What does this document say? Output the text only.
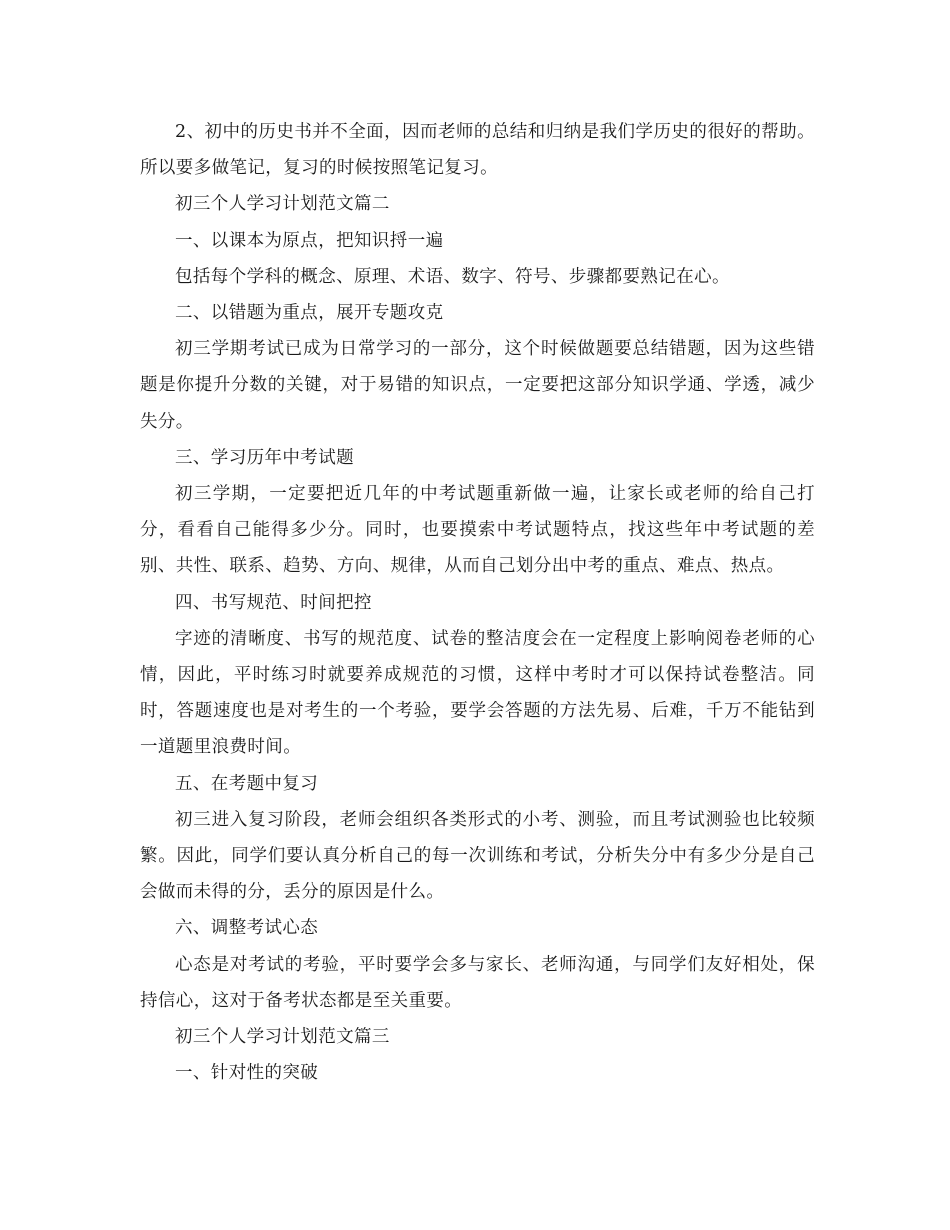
2、初中的历史书并不全面，因而老师的总结和归纳是我们学历史的很好的帮助。所以要多做笔记，复习的时候按照笔记复习。

初三个人学习计划范文篇二

一、以课本为原点，把知识捋一遍

包括每个学科的概念、原理、术语、数字、符号、步骤都要熟记在心。

二、以错题为重点，展开专题攻克

初三学期考试已成为日常学习的一部分，这个时候做题要总结错题，因为这些错题是你提升分数的关键，对于易错的知识点，一定要把这部分知识学通、学透，减少失分。

三、学习历年中考试题

初三学期，一定要把近几年的中考试题重新做一遍，让家长或老师的给自己打分，看看自己能得多少分。同时，也要摸索中考试题特点，找这些年中考试题的差别、共性、联系、趋势、方向、规律，从而自己划分出中考的重点、难点、热点。

四、书写规范、时间把控

字迹的清晰度、书写的规范度、试卷的整洁度会在一定程度上影响阅卷老师的心情，因此，平时练习时就要养成规范的习惯，这样中考时才可以保持试卷整洁。同时，答题速度也是对考生的一个考验，要学会答题的方法先易、后难，千万不能钻到一道题里浪费时间。

五、在考题中复习

初三进入复习阶段，老师会组织各类形式的小考、测验，而且考试测验也比较频繁。因此，同学们要认真分析自己的每一次训练和考试，分析失分中有多少分是自己会做而未得的分，丢分的原因是什么。

六、调整考试心态

心态是对考试的考验，平时要学会多与家长、老师沟通，与同学们友好相处，保持信心，这对于备考状态都是至关重要。

初三个人学习计划范文篇三

一、针对性的突破
